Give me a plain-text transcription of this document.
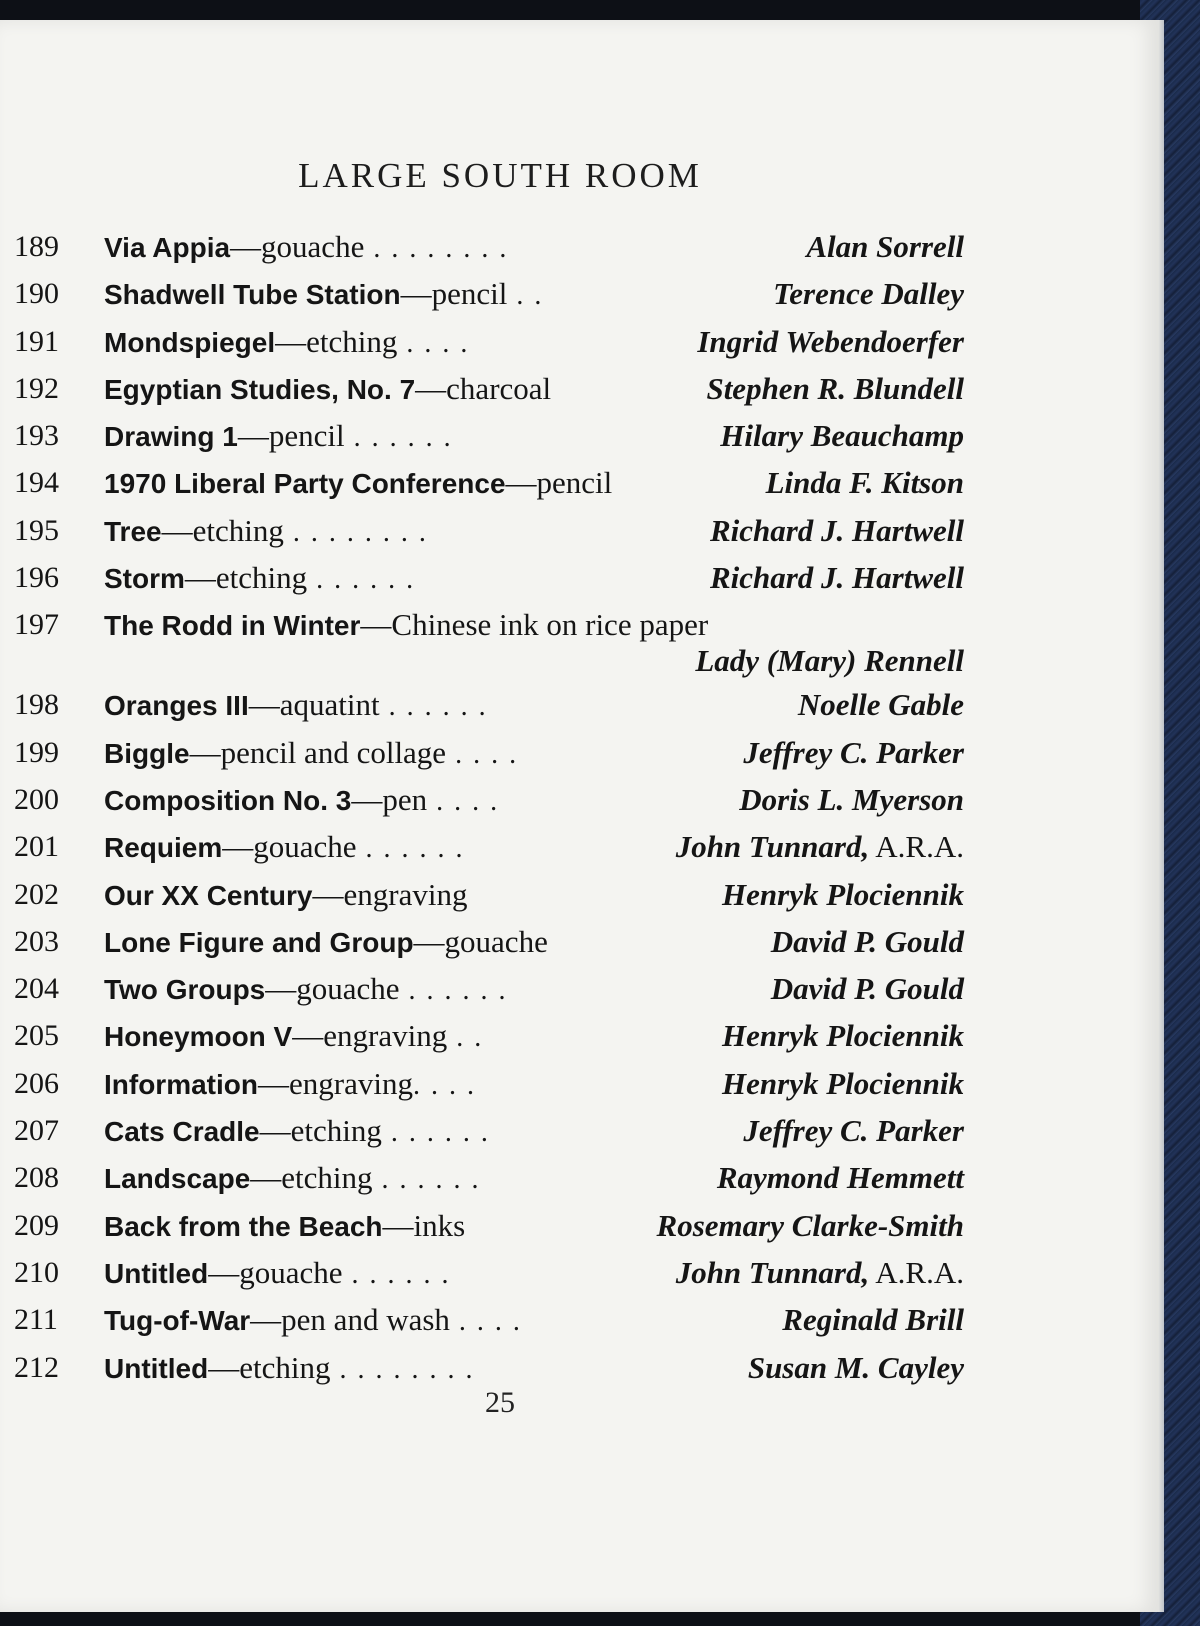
LARGE SOUTH ROOM
189	Via Appia—gouache . . . . . . . .	Alan Sorrell
190	Shadwell Tube Station—pencil . .	Terence Dalley
191	Mondspiegel—etching . . . .	Ingrid Webendoerfer
192	Egyptian Studies, No. 7—charcoal	Stephen R. Blundell
193	Drawing 1—pencil . . . . . .	Hilary Beauchamp
194	1970 Liberal Party Conference—pencil	Linda F. Kitson
195	Tree—etching . . . . . . . .	Richard J. Hartwell
196	Storm—etching . . . . . .	Richard J. Hartwell
197	The Rodd in Winter—Chinese ink on rice paper
Lady (Mary) Rennell
198	Oranges III—aquatint . . . . . .	Noelle Gable
199	Biggle—pencil and collage . . . .	Jeffrey C. Parker
200	Composition No. 3—pen . . . .	Doris L. Myerson
201	Requiem—gouache . . . . . .	John Tunnard, A.R.A.
202	Our XX Century—engraving	Henryk Plociennik
203	Lone Figure and Group—gouache	David P. Gould
204	Two Groups—gouache . . . . . .	David P. Gould
205	Honeymoon V—engraving . .	Henryk Plociennik
206	Information—engraving. . . .	Henryk Plociennik
207	Cats Cradle—etching . . . . . .	Jeffrey C. Parker
208	Landscape—etching . . . . . .	Raymond Hemmett
209	Back from the Beach—inks	Rosemary Clarke-Smith
210	Untitled—gouache . . . . . .	John Tunnard, A.R.A.
211	Tug-of-War—pen and wash . . . .	Reginald Brill
212	Untitled—etching . . . . . . . .	Susan M. Cayley
25
